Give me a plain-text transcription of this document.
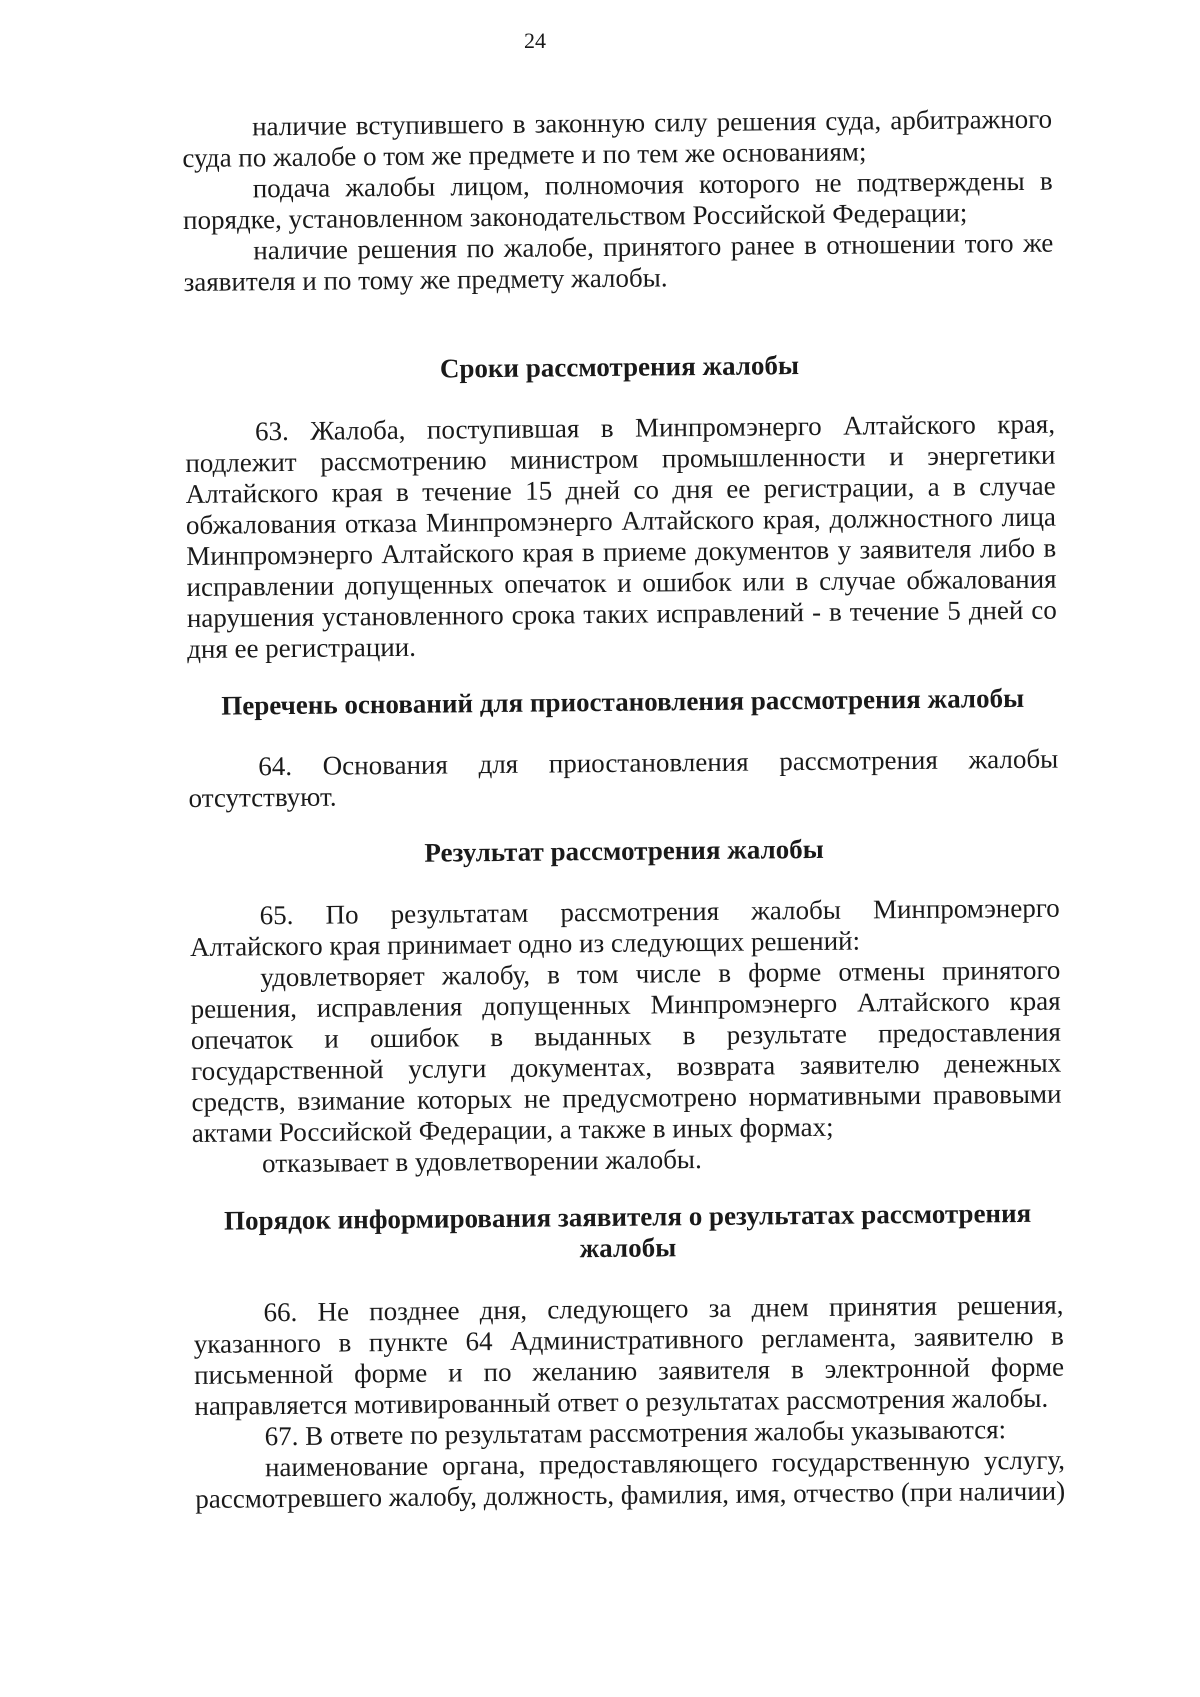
24

наличие вступившего в законную силу решения суда, арбитражного суда по жалобе о том же предмете и по тем же основаниям;

подача жалобы лицом, полномочия которого не подтверждены в порядке, установленном законодательством Российской Федерации;

наличие решения по жалобе, принятого ранее в отношении того же заявителя и по тому же предмету жалобы.

Сроки рассмотрения жалобы

63. Жалоба, поступившая в Минпромэнерго Алтайского края, подлежит рассмотрению министром промышленности и энергетики Алтайского края в течение 15 дней со дня ее регистрации, а в случае обжалования отказа Минпромэнерго Алтайского края, должностного лица Минпромэнерго Алтайского края в приеме документов у заявителя либо в исправлении допущенных опечаток и ошибок или в случае обжалования нарушения установленного срока таких исправлений - в течение 5 дней со дня ее регистрации.

Перечень оснований для приостановления рассмотрения жалобы

64. Основания для приостановления рассмотрения жалобы отсутствуют.

Результат рассмотрения жалобы

65. По результатам рассмотрения жалобы Минпромэнерго Алтайского края принимает одно из следующих решений:

удовлетворяет жалобу, в том числе в форме отмены принятого решения, исправления допущенных Минпромэнерго Алтайского края опечаток и ошибок в выданных в результате предоставления государственной услуги документах, возврата заявителю денежных средств, взимание которых не предусмотрено нормативными правовыми актами Российской Федерации, а также в иных формах;

отказывает в удовлетворении жалобы.

Порядок информирования заявителя о результатах рассмотрения жалобы

66. Не позднее дня, следующего за днем принятия решения, указанного в пункте 64 Административного регламента, заявителю в письменной форме и по желанию заявителя в электронной форме направляется мотивированный ответ о результатах рассмотрения жалобы.

67. В ответе по результатам рассмотрения жалобы указываются:

наименование органа, предоставляющего государственную услугу, рассмотревшего жалобу, должность, фамилия, имя, отчество (при наличии)
